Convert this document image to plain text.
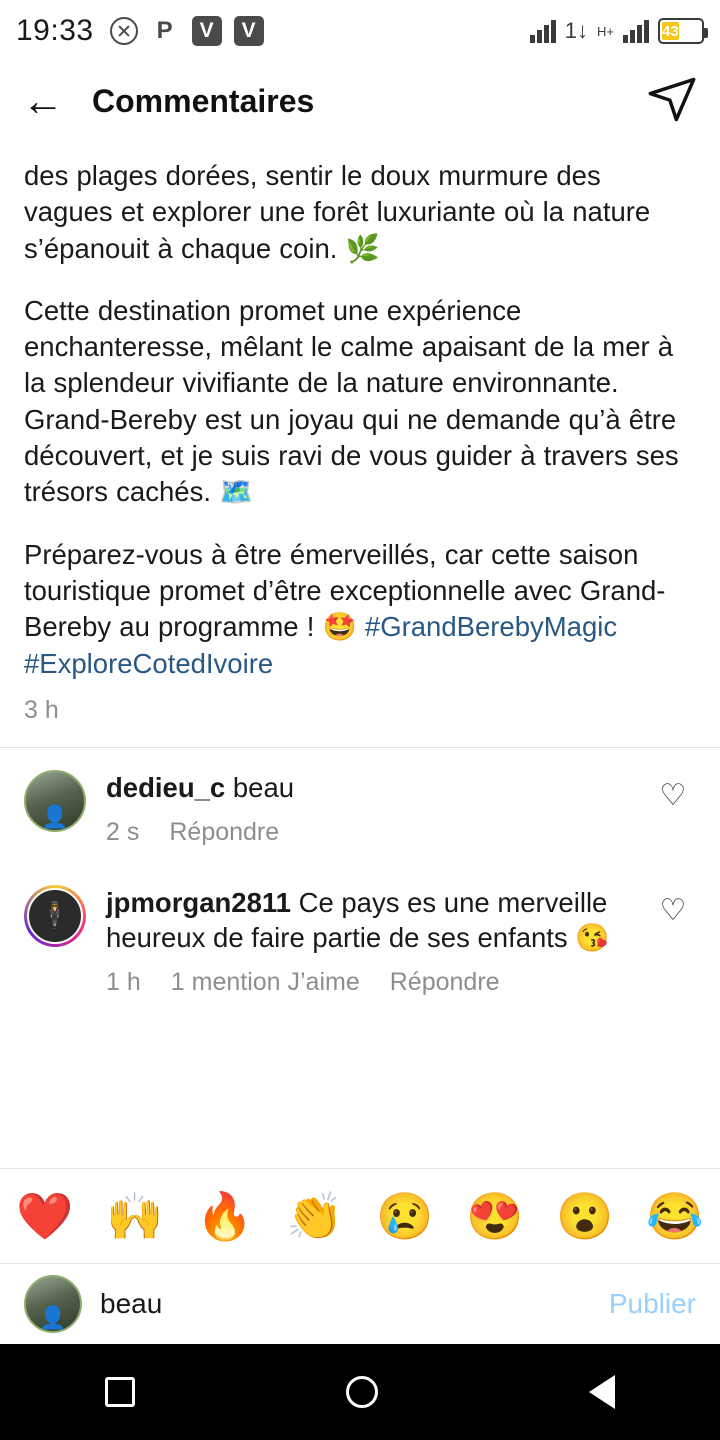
19:33	P	V	V	1↓ H+	43
← Commentaires
des plages dorées, sentir le doux murmure des vagues et explorer une forêt luxuriante où la nature s’épanouit à chaque coin. 🌿
Cette destination promet une expérience enchanteresse, mêlant le calme apaisant de la mer à la splendeur vivifiante de la nature environnante. Grand-Bereby est un joyau qui ne demande qu’à être découvert, et je suis ravi de vous guider à travers ses trésors cachés. 🗺️
Préparez-vous à être émerveillés, car cette saison touristique promet d’être exceptionnelle avec Grand-Bereby au programme ! 🤩 #GrandBerebyMagic #ExploreCotedIvoire
3 h
👤
dedieu_c beau
2 s Répondre
♡
🕴	jpmorgan2811 Ce pays es une merveille heureux de faire partie de ses enfants 😘
1 h 1 mention J’aime Répondre
♡
❤️ 🙌 🔥 👏 😢 😍 😮 😂
👤
beau	Publier
